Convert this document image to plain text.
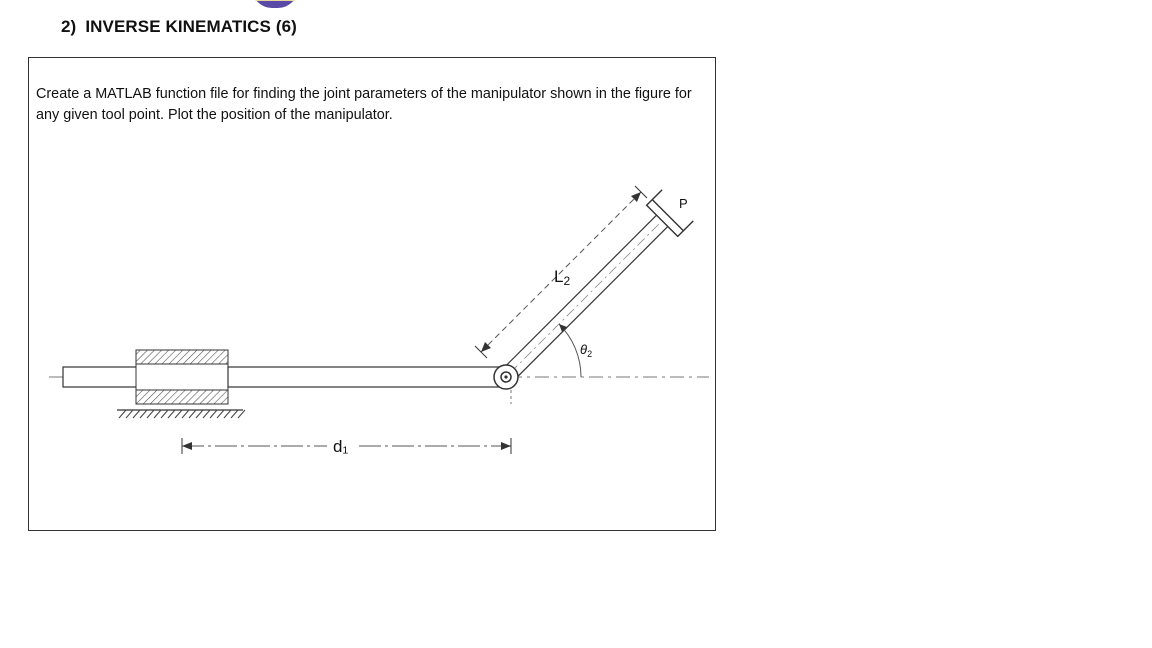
2) INVERSE KINEMATICS (6)
Create a MATLAB function file for finding the joint parameters of the manipulator shown in the figure for any given tool point. Plot the position of the manipulator.
L2
$\theta_2$
P
d₁
